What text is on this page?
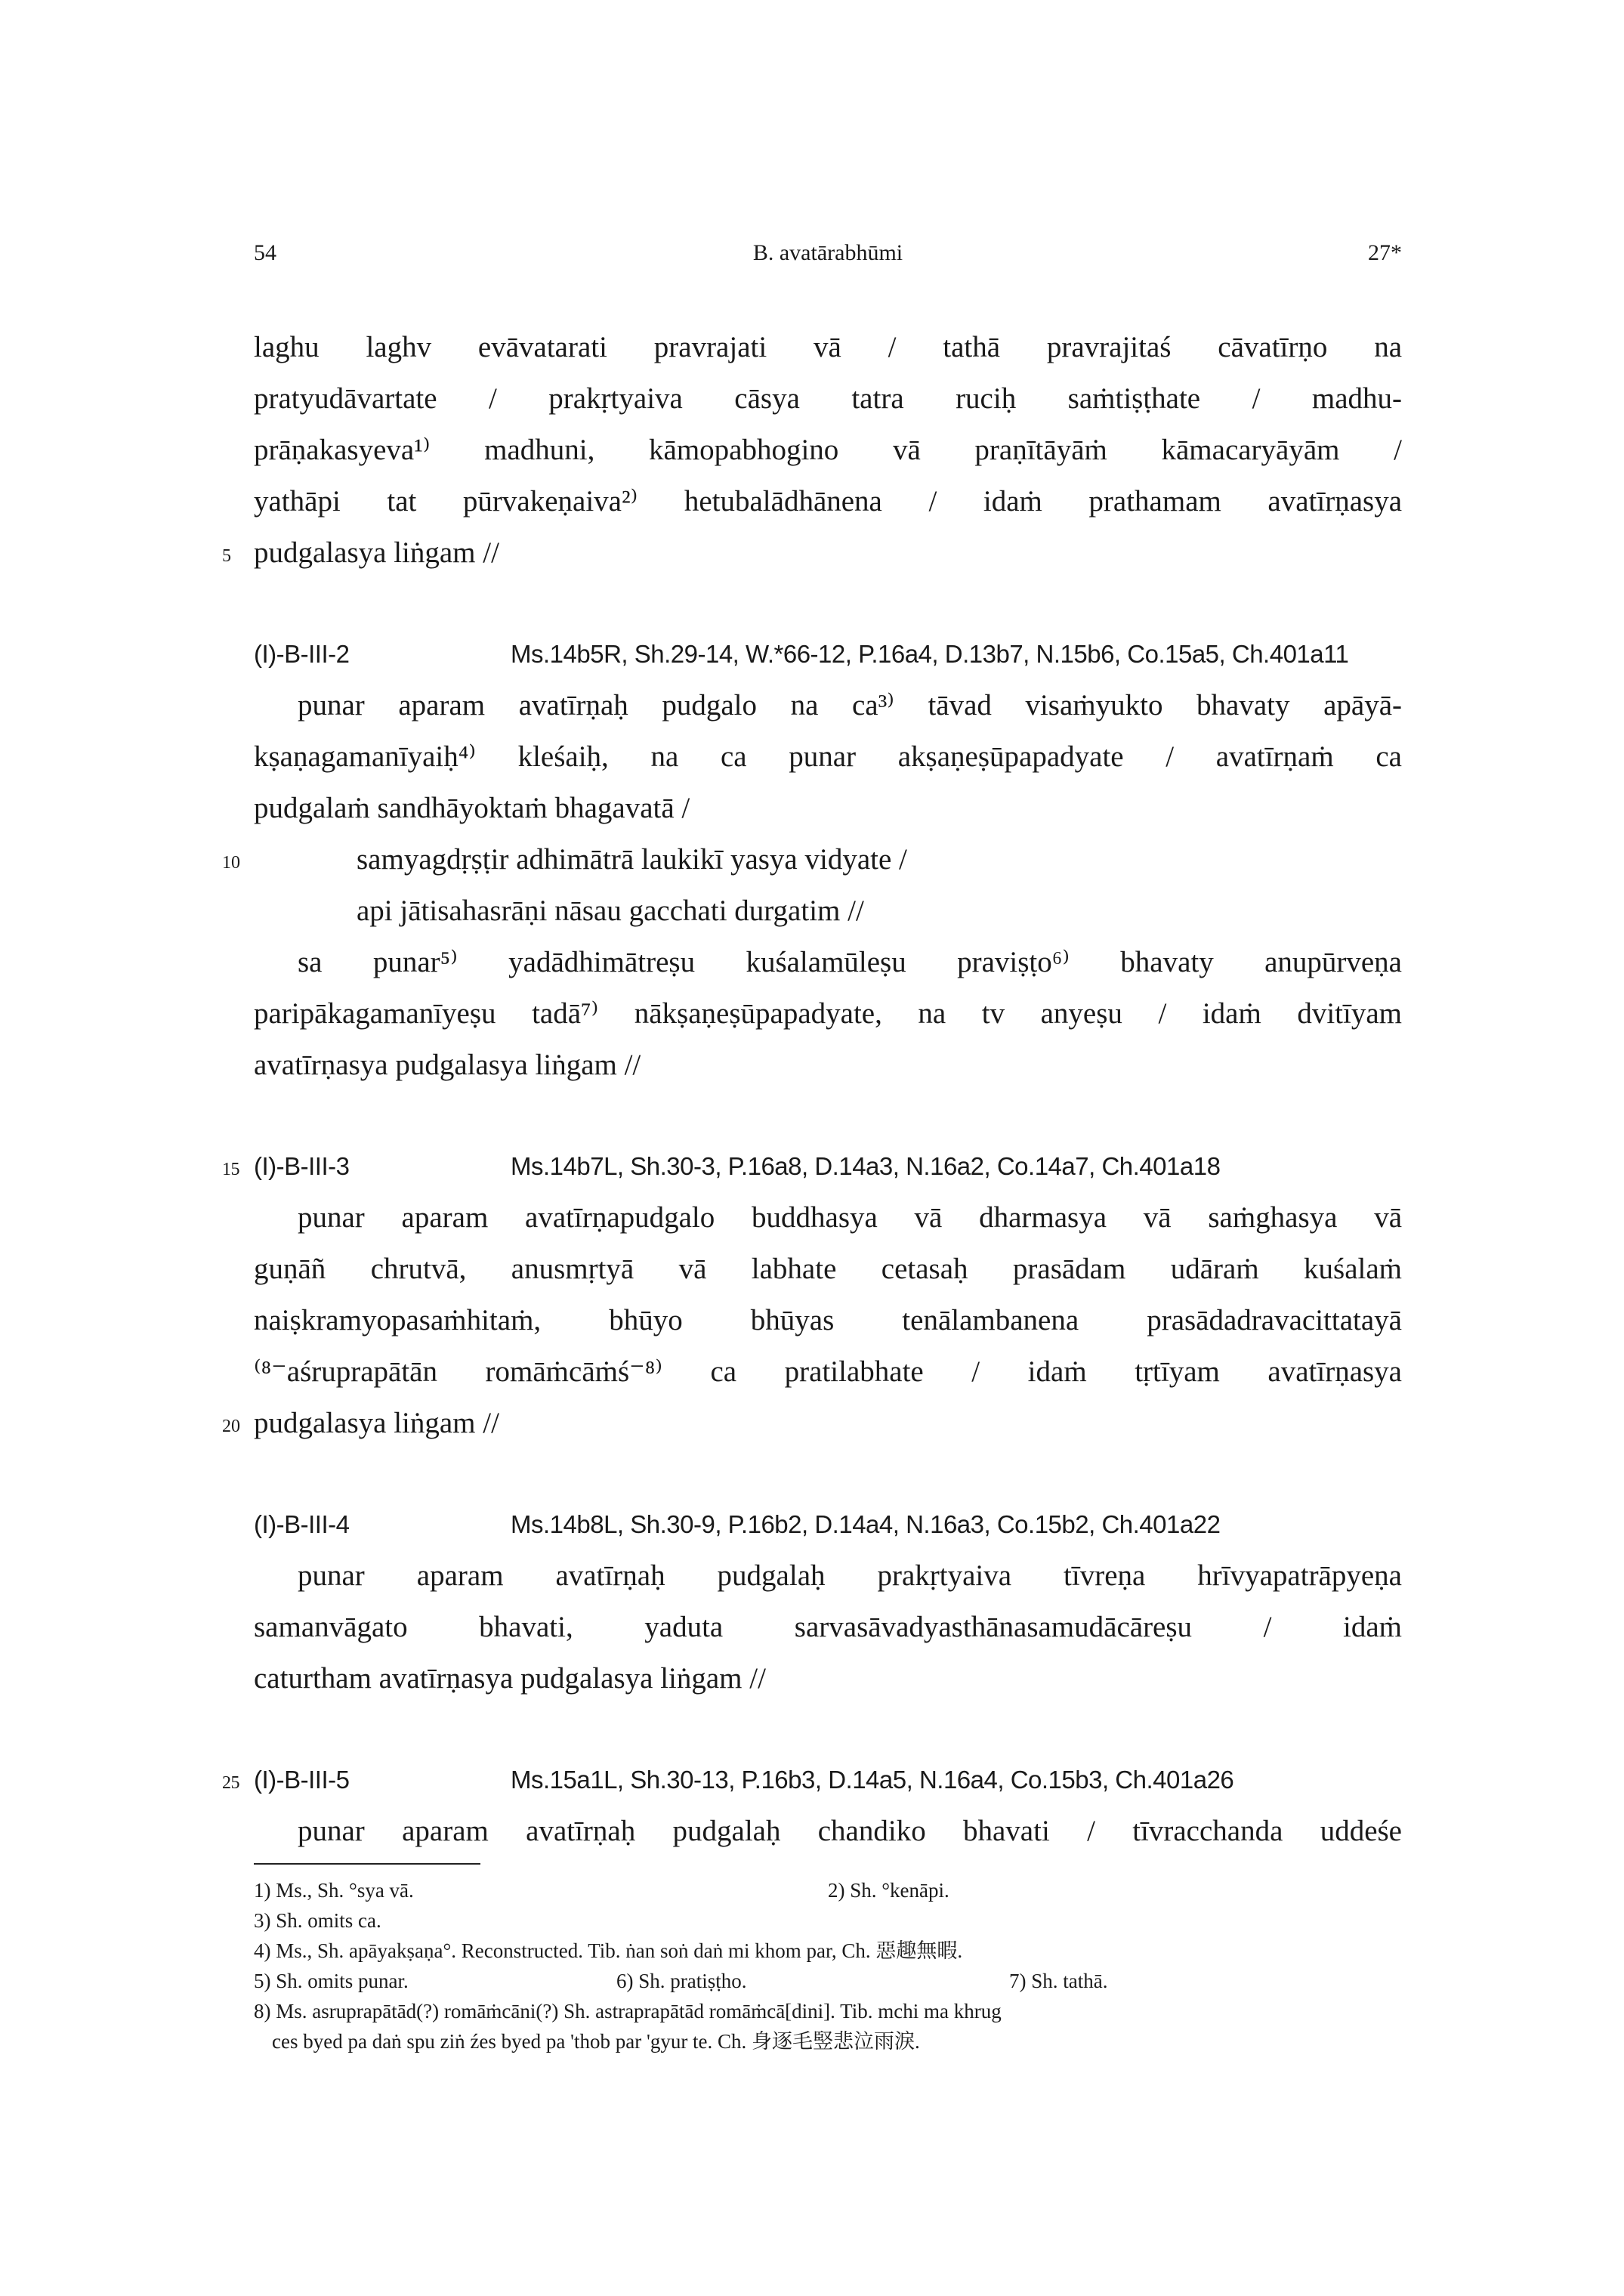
54	B. avatārabhūmi	27*
laghu laghv evāvatarati pravrajati vā / tathā pravrajitaś cāvatīrṇo na
pratyudāvartate / prakṛtyaiva cāsya tatra ruciḥ saṁtiṣṭhate / madhu-
prāṇakasyeva¹⁾ madhuni, kāmopabhogino vā praṇītāyāṁ kāmacaryāyām /
yathāpi tat pūrvakeṇaiva²⁾ hetubalādhānena / idaṁ prathamam avatīrṇasya
5 pudgalasya liṅgam //
(I)-B-III-2	Ms.14b5R, Sh.29-14, W.*66-12, P.16a4, D.13b7, N.15b6, Co.15a5, Ch.401a11
punar aparam avatīrṇaḥ pudgalo na ca³⁾ tāvad visaṁyukto bhavaty apāyā-
kṣaṇagamanīyaiḥ⁴⁾ kleśaiḥ, na ca punar akṣaṇeṣūpapadyate / avatīrṇaṁ ca
pudgalaṁ sandhāyoktaṁ bhagavatā /
10	samyagdṛṣṭir adhimātrā laukikī yasya vidyate /
api jātisahasrāṇi nāsau gacchati durgatim //
sa punar⁵⁾ yadādhimātreṣu kuśalamūleṣu praviṣṭo⁶⁾ bhavaty anupūrveṇa
paripākagamanīyeṣu tadā⁷⁾ nākṣaṇeṣūpapadyate, na tv anyeṣu / idaṁ dvitīyam
avatīrṇasya pudgalasya liṅgam //
15 (I)-B-III-3	Ms.14b7L, Sh.30-3, P.16a8, D.14a3, N.16a2, Co.14a7, Ch.401a18
punar aparam avatīrṇapudgalo buddhasya vā dharmasya vā saṁghasya vā
guṇāñ chrutvā, anusmṛtyā vā labhate cetasaḥ prasādam udāraṁ kuśalaṁ
naiṣkramyopasaṁhitaṁ, bhūyo bhūyas tenālambanena prasādadravacittatayā
⁽⁸⁻aśruprapātān romāṁcāṁś⁻⁸⁾ ca pratilabhate / idaṁ tṛtīyam avatīrṇasya
20 pudgalasya liṅgam //
(I)-B-III-4	Ms.14b8L, Sh.30-9, P.16b2, D.14a4, N.16a3, Co.15b2, Ch.401a22
punar aparam avatīrṇaḥ pudgalaḥ prakṛtyaiva tīvreṇa hrīvyapatrāpyeṇa
samanvāgato bhavati, yaduta sarvasāvadyasthānasamudācāreṣu / idaṁ
caturtham avatīrṇasya pudgalasya liṅgam //
25 (I)-B-III-5	Ms.15a1L, Sh.30-13, P.16b3, D.14a5, N.16a4, Co.15b3, Ch.401a26
punar aparam avatīrṇaḥ pudgalaḥ chandiko bhavati / tīvracchanda uddeśe
1) Ms., Sh. °sya vā.	2) Sh. °kenāpi.
3) Sh. omits ca.
4) Ms., Sh. apāyakṣaṇa°. Reconstructed. Tib. ṅan soṅ daṅ mi khom par, Ch. 惡趣無暇.
5) Sh. omits punar.	6) Sh. pratiṣṭho.	7) Sh. tathā.
8) Ms. asruprapātād(?) romāṁcāni(?) Sh. astraprapātād romāṁcā[dini]. Tib. mchi ma khrug
ces byed pa daṅ spu ziṅ źes byed pa 'thob par 'gyur te. Ch. 身逐毛竪悲泣雨淚.
